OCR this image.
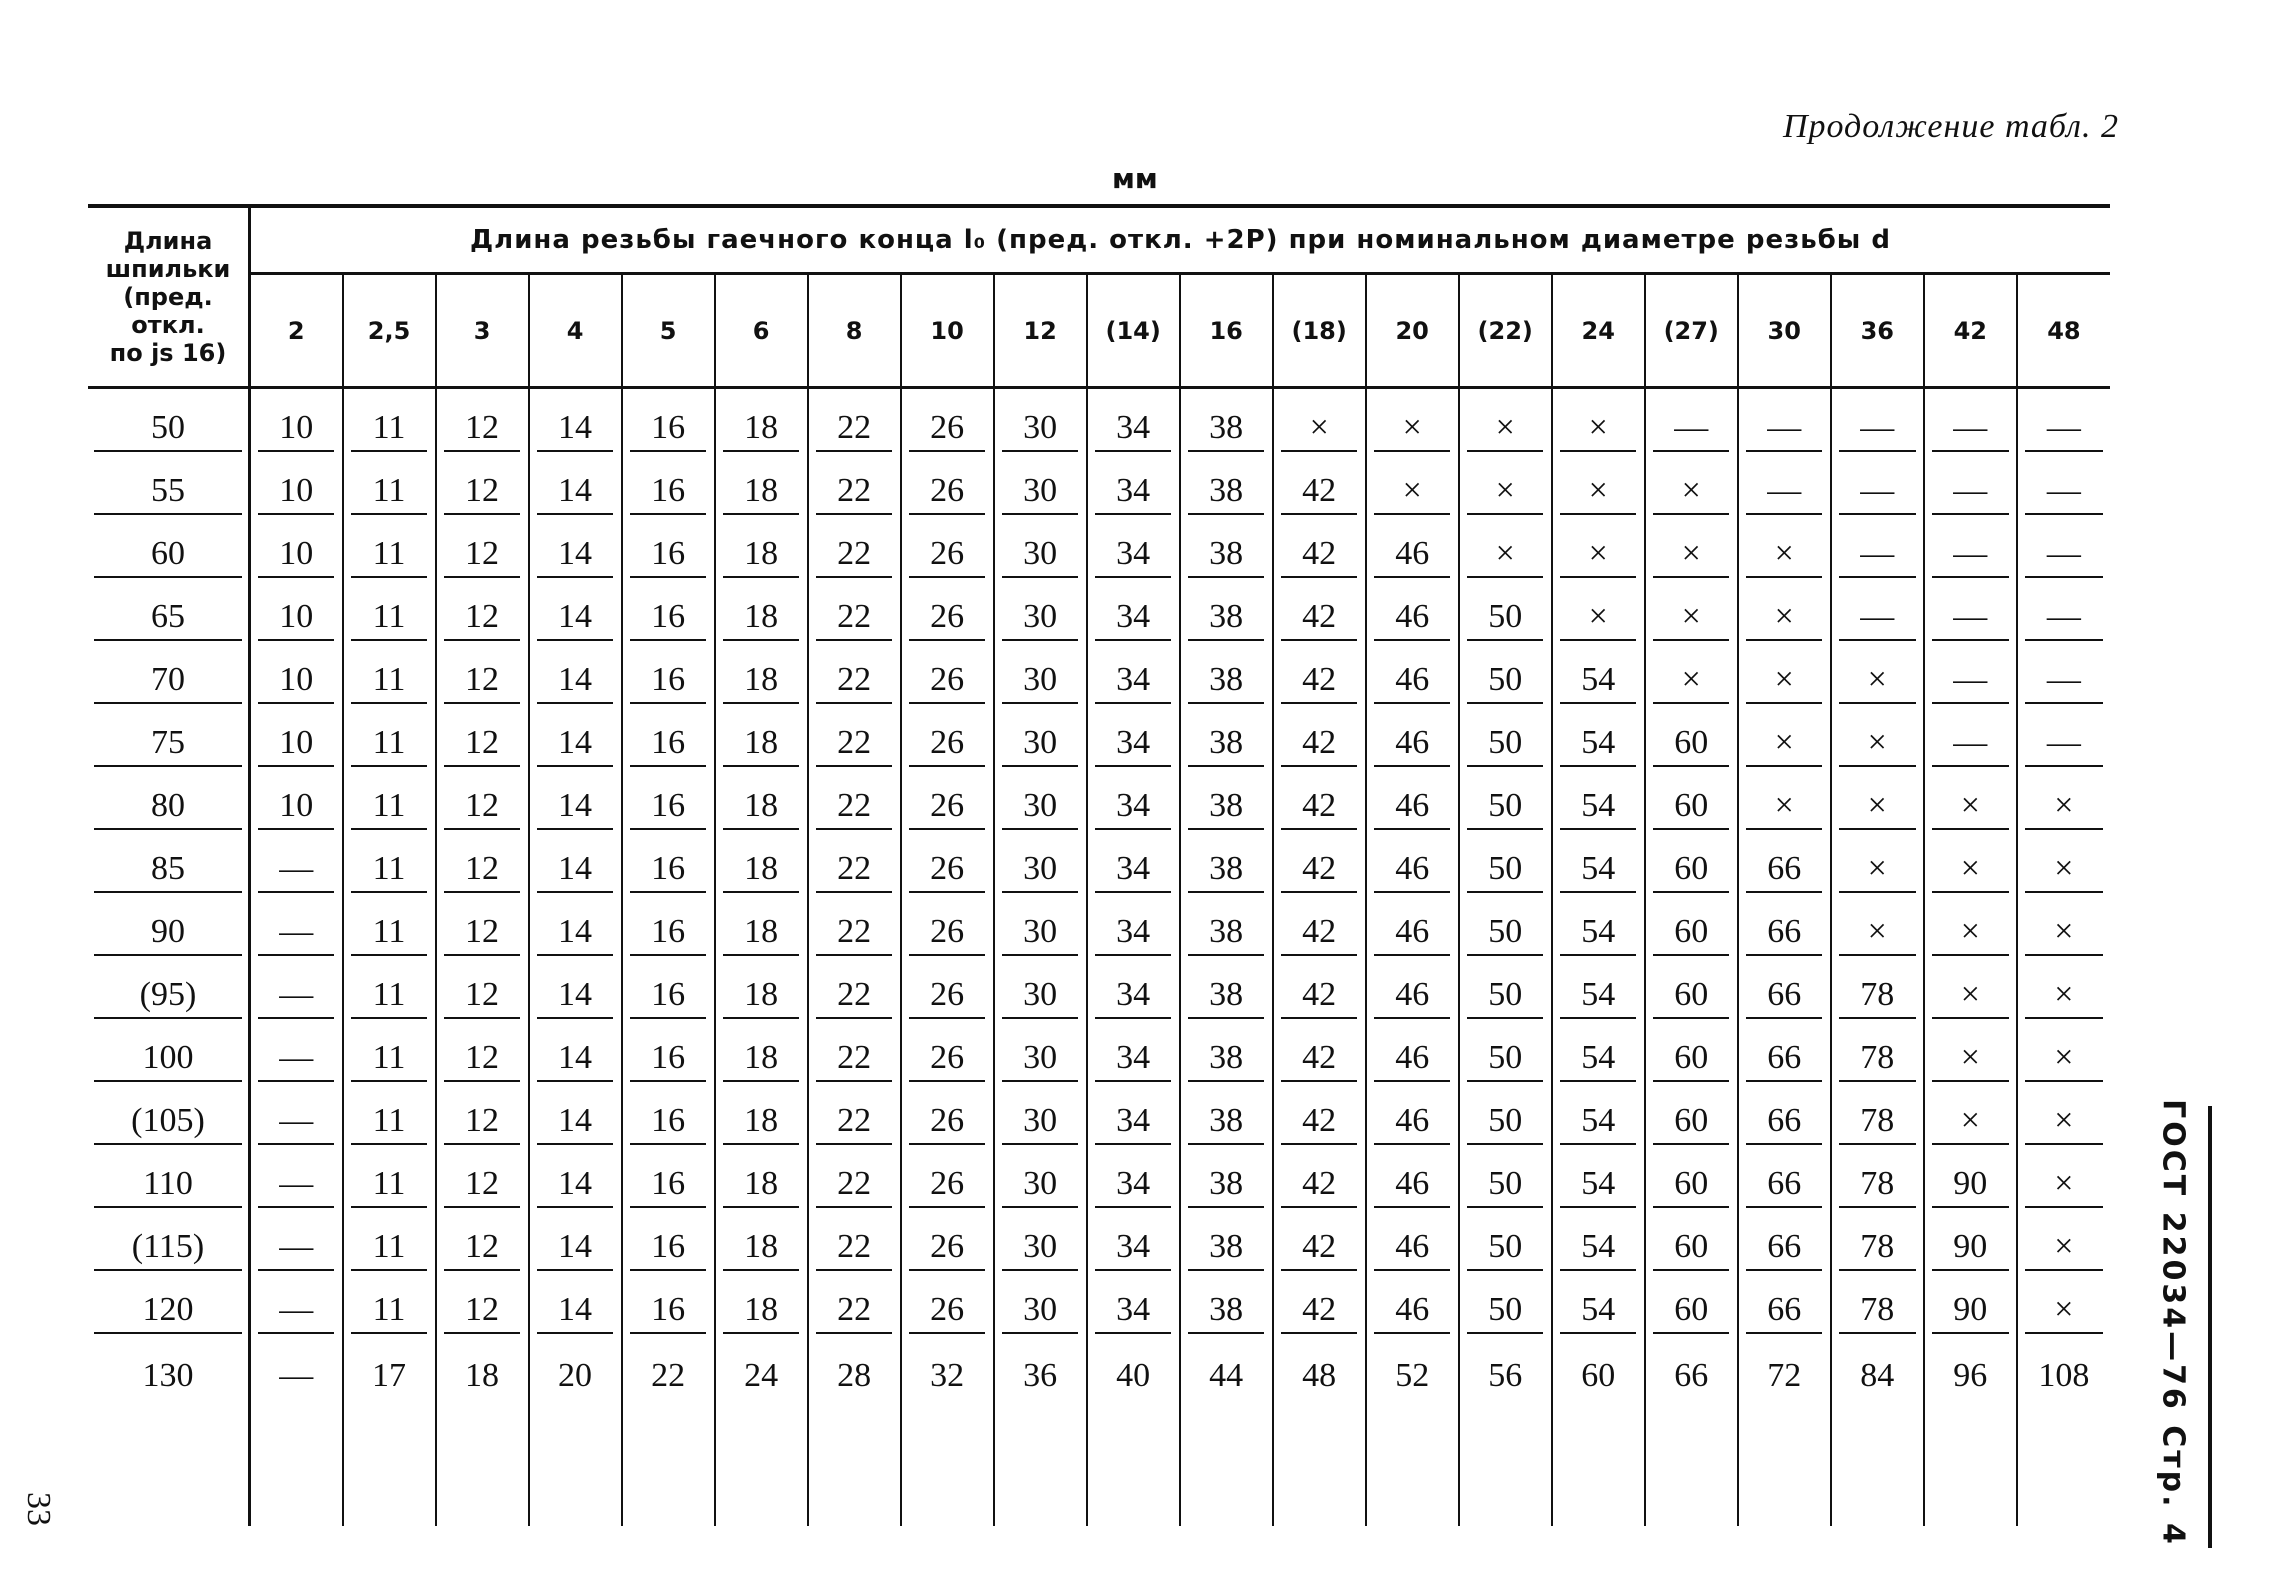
Продолжение табл. 2
мм
Длина
шпильки
(пред.
откл.
по js 16)	Длина резьбы гаечного конца l₀ (пред. откл. +2P) при номинальном диаметре резьбы d																			
	2	2,5	3	4	5	6	8	10	12	(14)	16	(18)	20	(22)	24	(27)	30	36	42	48
50	10	11	12	14	16	18	22	26	30	34	38	×	×	×	×	—	—	—	—	—
55	10	11	12	14	16	18	22	26	30	34	38	42	×	×	×	×	—	—	—	—
60	10	11	12	14	16	18	22	26	30	34	38	42	46	×	×	×	×	—	—	—
65	10	11	12	14	16	18	22	26	30	34	38	42	46	50	×	×	×	—	—	—
70	10	11	12	14	16	18	22	26	30	34	38	42	46	50	54	×	×	×	—	—
75	10	11	12	14	16	18	22	26	30	34	38	42	46	50	54	60	×	×	—	—
80	10	11	12	14	16	18	22	26	30	34	38	42	46	50	54	60	×	×	×	×
85	—	11	12	14	16	18	22	26	30	34	38	42	46	50	54	60	66	×	×	×
90	—	11	12	14	16	18	22	26	30	34	38	42	46	50	54	60	66	×	×	×
(95)	—	11	12	14	16	18	22	26	30	34	38	42	46	50	54	60	66	78	×	×
100	—	11	12	14	16	18	22	26	30	34	38	42	46	50	54	60	66	78	×	×
(105)	—	11	12	14	16	18	22	26	30	34	38	42	46	50	54	60	66	78	×	×
110	—	11	12	14	16	18	22	26	30	34	38	42	46	50	54	60	66	78	90	×
(115)	—	11	12	14	16	18	22	26	30	34	38	42	46	50	54	60	66	78	90	×
120	—	11	12	14	16	18	22	26	30	34	38	42	46	50	54	60	66	78	90	×
130	—	17	18	20	22	24	28	32	36	40	44	48	52	56	60	66	72	84	96	108 ГОСТ 22034—76 Стр. 4
33
